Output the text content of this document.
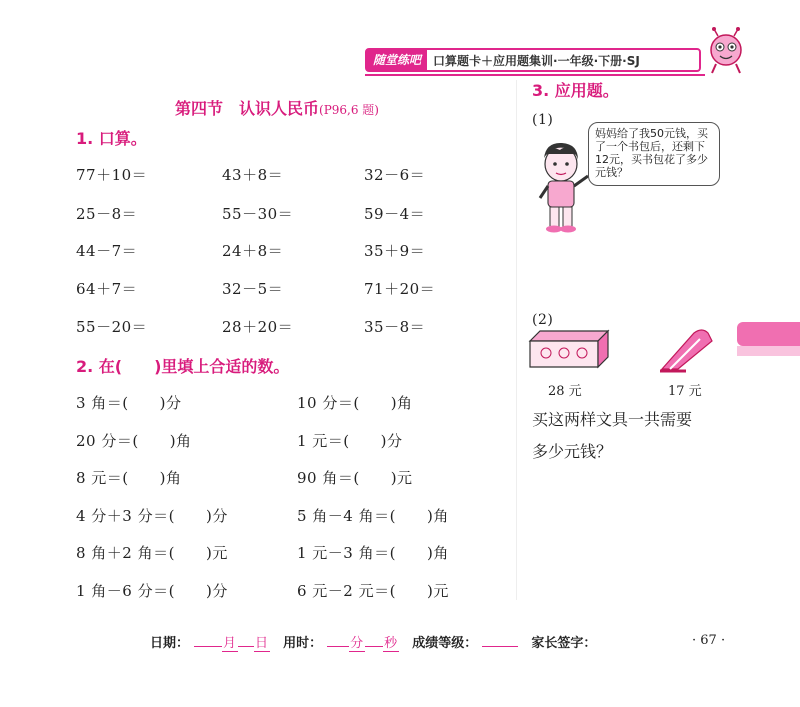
随堂练吧	口算题卡＋应用题集训·一年级·下册·SJ
第四节　认识人民币(P96,6 题)
1. 口算。
77＋10＝	43＋8＝	32－6＝
25－8＝	55－30＝	59－4＝
44－7＝	24＋8＝	35＋9＝
64＋7＝	32－5＝	71＋20＝
55－20＝	28＋20＝	35－8＝
2. 在(　　)里填上合适的数。
3 角＝(　　)分	10 分＝(　　)角
20 分＝(　　)角	1 元＝(　　)分
8 元＝(　　)角	90 角＝(　　)元
4 分＋3 分＝(　　)分	5 角－4 角＝(　　)角
8 角＋2 角＝(　　)元	1 元－3 角＝(　　)角
1 角－6 分＝(　　)分	6 元－2 元＝(　　)元
3. 应用题。
(1)
妈妈给了我50元钱，买了一个书包后，还剩下12元，买书包花了多少元钱？
(2)
28 元	17 元
买这两样文具一共需要
多少元钱？
日期：	月 日 用时： 分 秒 成绩等级：	家长签字：	· 67 ·
